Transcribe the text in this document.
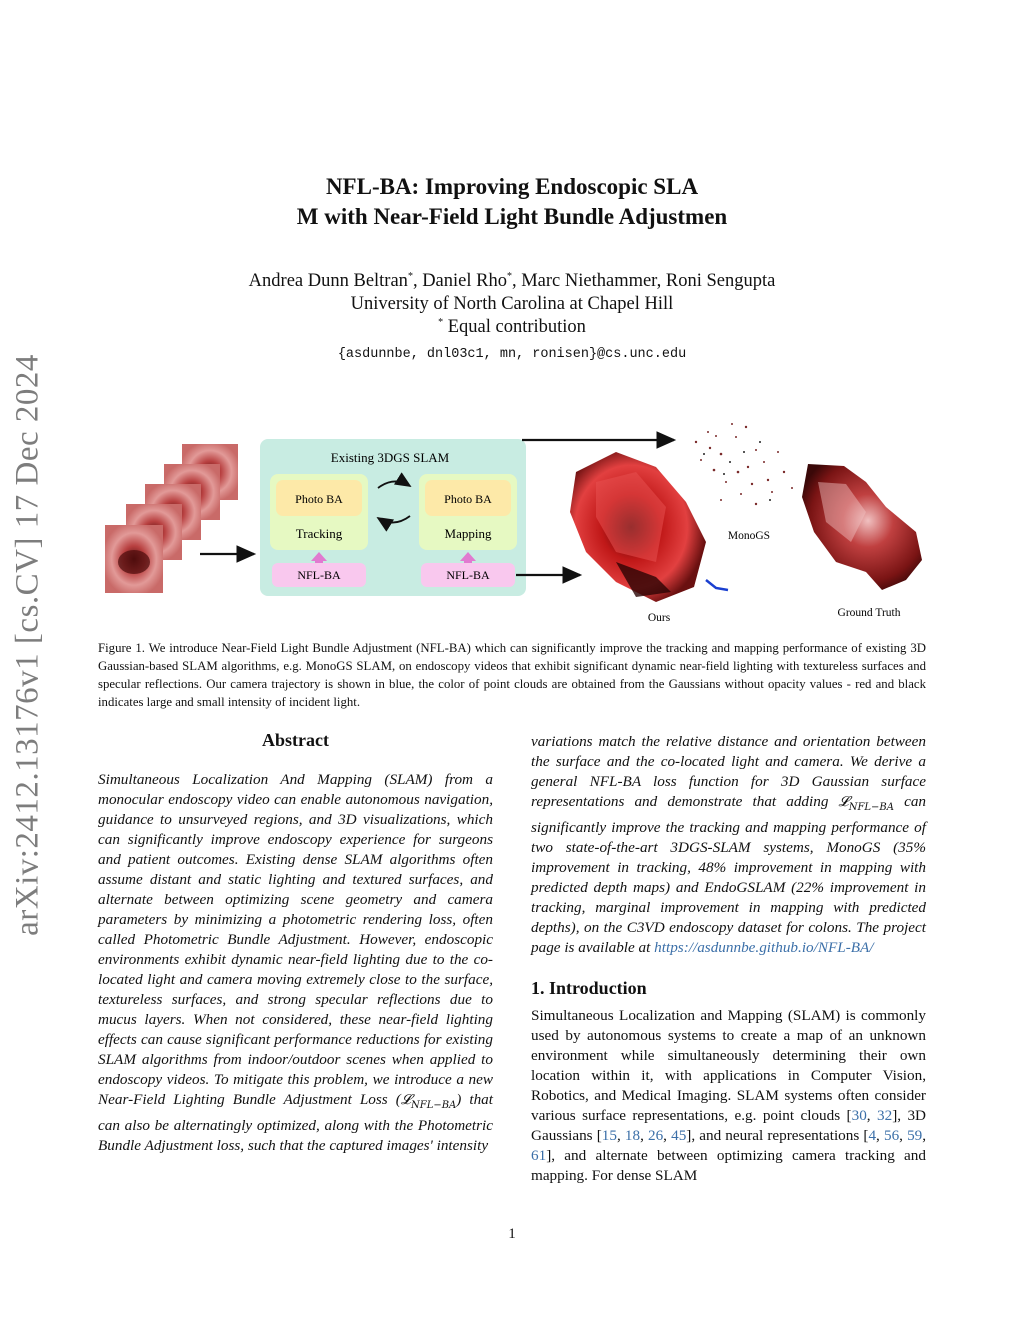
arXiv:2412.13176v1 [cs.CV] 17 Dec 2024
NFL-BA: Improving Endoscopic SLA
M with Near-Field Light Bundle Adjustmen
Andrea Dunn Beltran*, Daniel Rho*, Marc Niethammer, Roni Sengupta
University of North Carolina at Chapel Hill
* Equal contribution
{asdunnbe, dnl03c1, mn, ronisen}@cs.unc.edu
Existing 3DGS SLAM
Photo BA
Tracking
Photo BA
Mapping
NFL-BA	NFL-BA
Ours
MonoGS
Ground Truth
Figure 1. We introduce Near-Field Light Bundle Adjustment (NFL-BA) which can significantly improve the tracking and mapping performance of existing 3D Gaussian-based SLAM algorithms, e.g. MonoGS SLAM, on endoscopy videos that exhibit significant dynamic near-field lighting with textureless surfaces and specular reflections. Our camera trajectory is shown in blue, the color of point clouds are obtained from the Gaussians without opacity values - red and black indicates large and small intensity of incident light.
Abstract
Simultaneous Localization And Mapping (SLAM) from a monocular endoscopy video can enable autonomous navigation, guidance to unsurveyed regions, and 3D visualizations, which can significantly improve endoscopy experience for surgeons and patient outcomes. Existing dense SLAM algorithms often assume distant and static lighting and textured surfaces, and alternate between optimizing scene geometry and camera parameters by minimizing a photometric rendering loss, often called Photometric Bundle Adjustment. However, endoscopic environments exhibit dynamic near-field lighting due to the co-located light and camera moving extremely close to the surface, textureless surfaces, and strong specular reflections due to mucus layers. When not considered, these near-field lighting effects can cause significant performance reductions for existing SLAM algorithms from indoor/outdoor scenes when applied to endoscopy videos. To mitigate this problem, we introduce a new Near-Field Lighting Bundle Adjustment Loss (𝓛$_{NFL-BA}$) that can also be alternatingly optimized, along with the Photometric Bundle Adjustment loss, such that the captured images' intensity
variations match the relative distance and orientation between the surface and the co-located light and camera. We derive a general NFL-BA loss function for 3D Gaussian surface representations and demonstrate that adding 𝓛$_{NFL-BA}$ can significantly improve the tracking and mapping performance of two state-of-the-art 3DGS-SLAM systems, MonoGS (35% improvement in tracking, 48% improvement in mapping with predicted depth maps) and EndoGSLAM (22% improvement in tracking, marginal improvement in mapping with predicted depths), on the C3VD endoscopy dataset for colons. The project page is available at https://asdunnbe.github.io/NFL-BA/
1. Introduction
Simultaneous Localization and Mapping (SLAM) is commonly used by autonomous systems to create a map of an unknown environment while simultaneously determining their own location within it, with applications in Computer Vision, Robotics, and Medical Imaging. SLAM systems often consider various surface representations, e.g. point clouds [30, 32], 3D Gaussians [15, 18, 26, 45], and neural representations [4, 56, 59, 61], and alternate between optimizing camera tracking and mapping. For dense SLAM
1
